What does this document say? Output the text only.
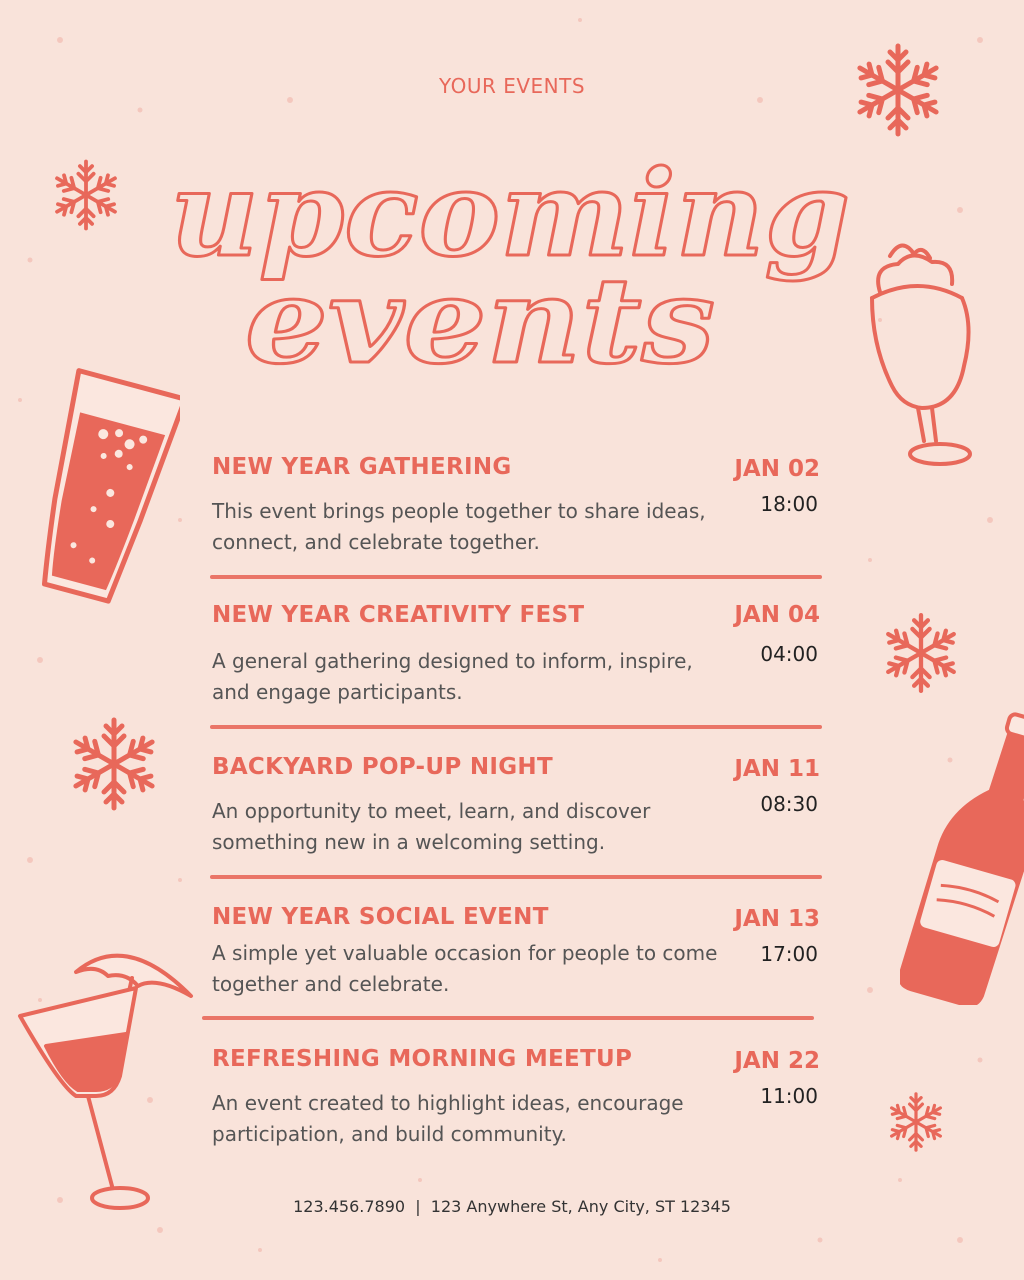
YOUR EVENTS
upcoming
events
NEW YEAR GATHERING	JAN 02
18:00
This event brings people together to share ideas, connect, and celebrate together.
NEW YEAR CREATIVITY FEST	JAN 04
04:00
A general gathering designed to inform, inspire, and engage participants.
BACKYARD POP-UP NIGHT	JAN 11
08:30
An opportunity to meet, learn, and discover something new in a welcoming setting.
NEW YEAR SOCIAL EVENT	JAN 13
17:00
A simple yet valuable occasion for people to come together and celebrate.
REFRESHING MORNING MEETUP	JAN 22
11:00
An event created to highlight ideas, encourage participation, and build community.
123.456.7890  |  123 Anywhere St, Any City, ST 12345
